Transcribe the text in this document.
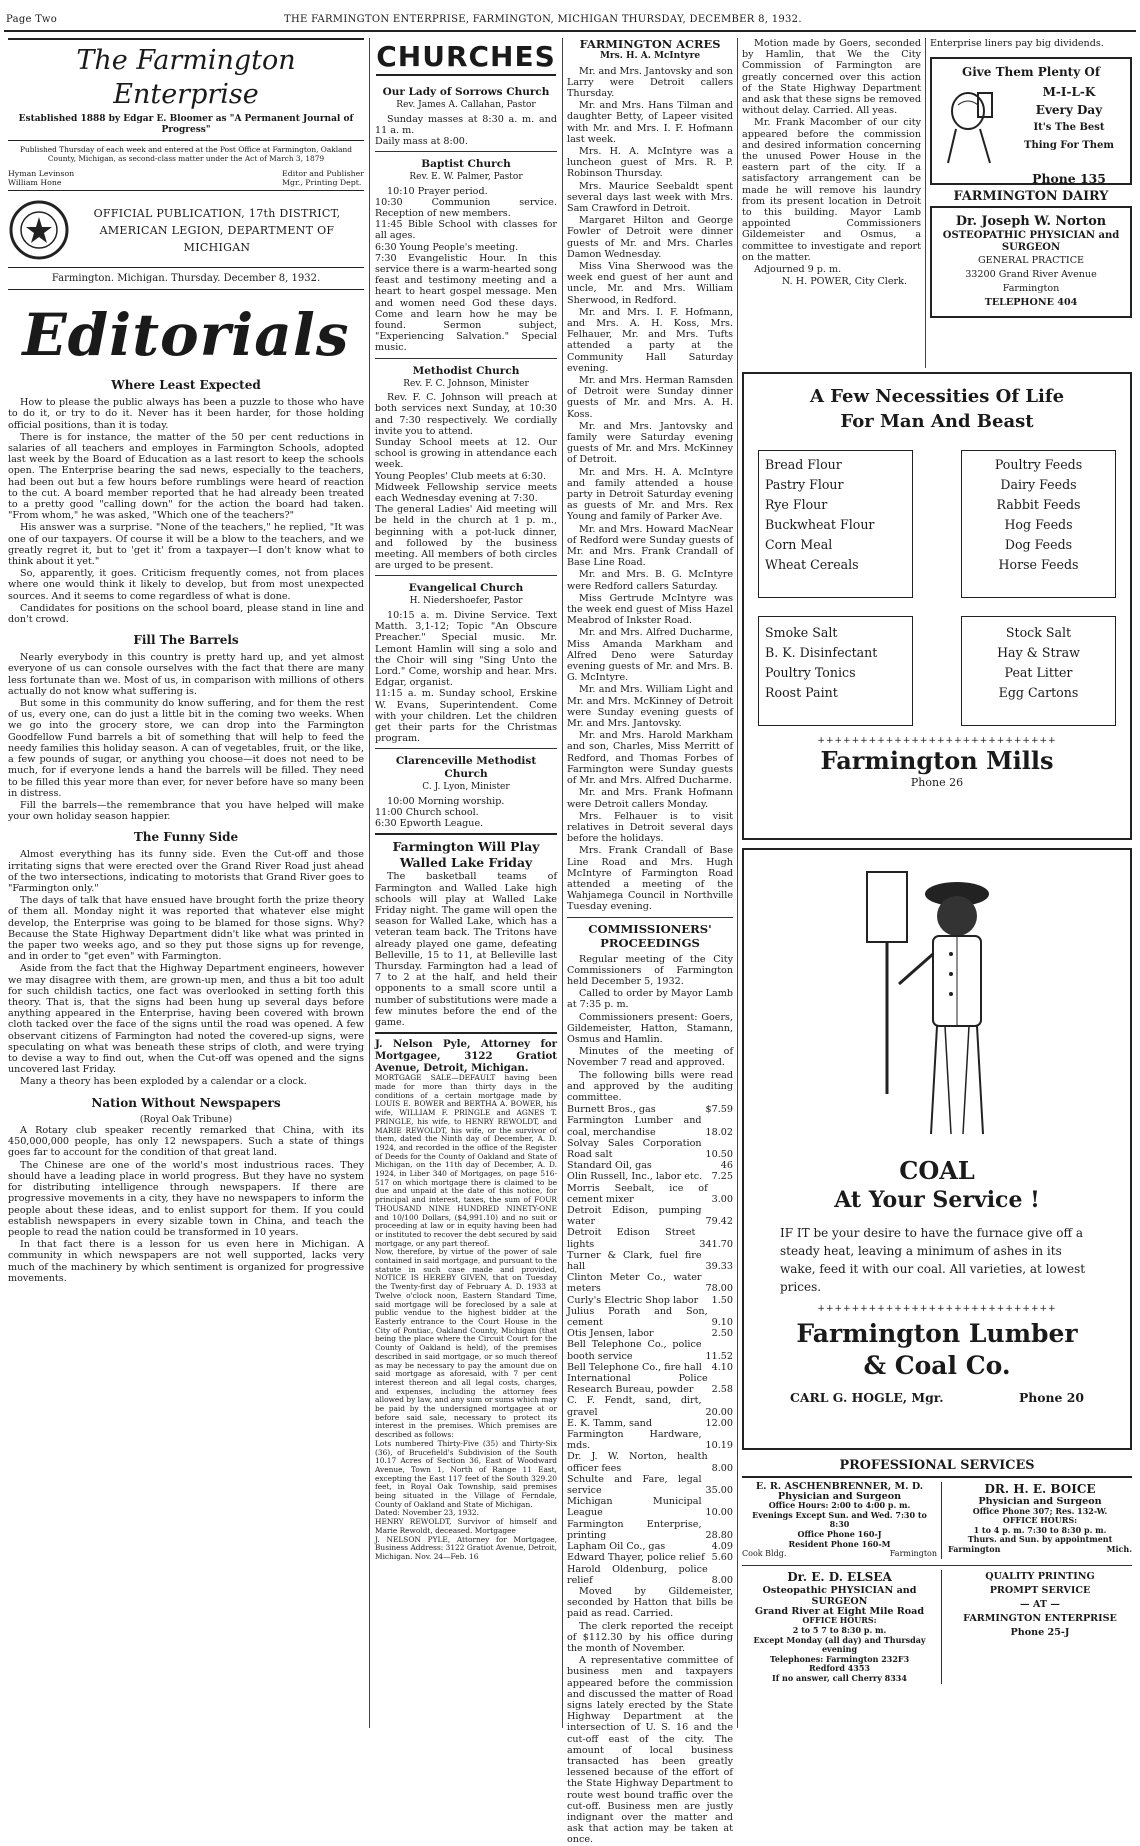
Page Two	THE FARMINGTON ENTERPRISE, FARMINGTON, MICHIGAN THURSDAY, DECEMBER 8, 1932.
The Farmington Enterprise
Established 1888 by Edgar E. Bloomer as "A Permanent Journal of Progress"
Published Thursday of each week and entered at the Post Office at Farmington, Oakland County, Michigan, as second-class matter under the Act of March 3, 1879
Hyman Levinson
William Hone
Editor and Publisher
Mgr., Printing Dept.
OFFICIAL PUBLICATION, 17th DISTRICT, AMERICAN LEGION, DEPARTMENT OF MICHIGAN
Farmington. Michigan. Thursday. December 8, 1932.
Editorials
Where Least Expected
How to please the public always has been a puzzle to those who have to do it, or try to do it. Never has it been harder, for those holding official positions, than it is today.
There is for instance, the matter of the 50 per cent reductions in salaries of all teachers and employes in Farmington Schools, adopted last week by the Board of Education as a last resort to keep the schools open. The Enterprise bearing the sad news, especially to the teachers, had been out but a few hours before rumblings were heard of reaction to the cut. A board member reported that he had already been treated to a pretty good "calling down" for the action the board had taken. "From whom," he was asked, "Which one of the teachers?"
His answer was a surprise. "None of the teachers," he replied, "It was one of our taxpayers. Of course it will be a blow to the teachers, and we greatly regret it, but to 'get it' from a taxpayer—I don't know what to think about it yet."
So, apparently, it goes. Criticism frequently comes, not from places where one would think it likely to develop, but from most unexpected sources. And it seems to come regardless of what is done.
Candidates for positions on the school board, please stand in line and don't crowd.
Fill The Barrels
Nearly everybody in this country is pretty hard up, and yet almost everyone of us can console ourselves with the fact that there are many less fortunate than we. Most of us, in comparison with millions of others actually do not know what suffering is.
But some in this community do know suffering, and for them the rest of us, every one, can do just a little bit in the coming two weeks. When we go into the grocery store, we can drop into the Farmington Goodfellow Fund barrels a bit of something that will help to feed the needy families this holiday season. A can of vegetables, fruit, or the like, a few pounds of sugar, or anything you choose—it does not need to be much, for if everyone lends a hand the barrels will be filled. They need to be filled this year more than ever, for never before have so many been in distress.
Fill the barrels—the remembrance that you have helped will make your own holiday season happier.
The Funny Side
Almost everything has its funny side. Even the Cut-off and those irritating signs that were erected over the Grand River Road just ahead of the two intersections, indicating to motorists that Grand River goes to "Farmington only."
The days of talk that have ensued have brought forth the prize theory of them all. Monday night it was reported that whatever else might develop, the Enterprise was going to be blamed for those signs. Why? Because the State Highway Department didn't like what was printed in the paper two weeks ago, and so they put those signs up for revenge, and in order to "get even" with Farmington.
Aside from the fact that the Highway Department engineers, however we may disagree with them, are grown-up men, and thus a bit too adult for such childish tactics, one fact was overlooked in setting forth this theory. That is, that the signs had been hung up several days before anything appeared in the Enterprise, having been covered with brown cloth tacked over the face of the signs until the road was opened. A few observant citizens of Farmington had noted the covered-up signs, were speculating on what was beneath these strips of cloth, and were trying to devise a way to find out, when the Cut-off was opened and the signs uncovered last Friday.
Many a theory has been exploded by a calendar or a clock.
Nation Without Newspapers
(Royal Oak Tribune)
A Rotary club speaker recently remarked that China, with its 450,000,000 people, has only 12 newspapers. Such a state of things goes far to account for the condition of that great land.
The Chinese are one of the world's most industrious races. They should have a leading place in world progress. But they have no system for distributing intelligence through newspapers. If there are progressive movements in a city, they have no newspapers to inform the people about these ideas, and to enlist support for them. If you could establish newspapers in every sizable town in China, and teach the people to read the nation could be transformed in 10 years.
In that fact there is a lesson for us even here in Michigan. A community in which newspapers are not well supported, lacks very much of the machinery by which sentiment is organized for progressive movements.
CHURCHES
Our Lady of Sorrows Church
Rev. James A. Callahan, Pastor
Sunday masses at 8:30 a. m. and 11 a. m.
Daily mass at 8:00.
Baptist Church
Rev. E. W. Palmer, Pastor
10:10 Prayer period.
10:30 Communion service. Reception of new members.
11:45 Bible School with classes for all ages.
6:30 Young People's meeting.
7:30 Evangelistic Hour. In this service there is a warm-hearted song feast and testimony meeting and a heart to heart gospel message. Men and women need God these days. Come and learn how he may be found. Sermon subject, "Experiencing Salvation." Special music.
Methodist Church
Rev. F. C. Johnson, Minister
Rev. F. C. Johnson will preach at both services next Sunday, at 10:30 and 7:30 respectively. We cordially invite you to attend.
Sunday School meets at 12. Our school is growing in attendance each week.
Young Peoples' Club meets at 6:30.
Midweek Fellowship service meets each Wednesday evening at 7:30.
The general Ladies' Aid meeting will be held in the church at 1 p. m., beginning with a pot-luck dinner, and followed by the business meeting. All members of both circles are urged to be present.
Evangelical Church
H. Niedershoefer, Pastor
10:15 a. m. Divine Service. Text Matth. 3,1-12; Topic "An Obscure Preacher." Special music. Mr. Lemont Hamlin will sing a solo and the Choir will sing "Sing Unto the Lord." Come, worship and hear. Mrs. Edgar, organist.
11:15 a. m. Sunday school, Erskine W. Evans, Superintendent. Come with your children. Let the children get their parts for the Christmas program.
Clarenceville Methodist Church
C. J. Lyon, Minister
10:00 Morning worship.
11:00 Church school.
6:30 Epworth League.
Farmington Will Play Walled Lake Friday
The basketball teams of Farmington and Walled Lake high schools will play at Walled Lake Friday night. The game will open the season for Walled Lake, which has a veteran team back. The Tritons have already played one game, defeating Belleville, 15 to 11, at Belleville last Thursday. Farmington had a lead of 7 to 2 at the half, and held their opponents to a small score until a number of substitutions were made a few minutes before the end of the game.
J. Nelson Pyle, Attorney for Mortgagee, 3122 Gratiot Avenue, Detroit, Michigan.
MORTGAGE SALE—DEFAULT having been made for more than thirty days in the conditions of a certain mortgage made by LOUIS E. BOWER and BERTHA A. BOWER, his wife, WILLIAM F. PRINGLE and AGNES T. PRINGLE, his wife, to HENRY REWOLDT, and MARIE REWOLDT, his wife, or the survivor of them, dated the Ninth day of December, A. D. 1924, and recorded in the office of the Register of Deeds for the County of Oakland and State of Michigan, on the 11th day of December, A. D. 1924, in Liber 340 of Mortgages, on page 516-517 on which mortgage there is claimed to be due and unpaid at the date of this notice, for principal and interest, taxes, the sum of FOUR THOUSAND NINE HUNDRED NINETY-ONE and 10/100 Dollars, ($4,991.10) and no suit or proceeding at law or in equity having been had or instituted to recover the debt secured by said mortgage, or any part thereof.
Now, therefore, by virtue of the power of sale contained in said mortgage, and pursuant to the statute in such case made and provided, NOTICE IS HEREBY GIVEN, that on Tuesday the Twenty-first day of February A. D. 1933 at Twelve o'clock noon, Eastern Standard Time, said mortgage will be foreclosed by a sale at public vendue to the highest bidder at the Easterly entrance to the Court House in the City of Pontiac, Oakland County, Michigan (that being the place where the Circuit Court for the County of Oakland is held), of the premises described in said mortgage, or so much thereof as may be necessary to pay the amount due on said mortgage as aforesaid, with 7 per cent interest thereon and all legal costs, charges, and expenses, including the attorney fees allowed by law, and any sum or sums which may be paid by the undersigned mortgagee at or before said sale, necessary to protect its interest in the premises. Which premises are described as follows:
Lots numbered Thirty-Five (35) and Thirty-Six (36), of Brucefield's Subdivision of the South 10.17 Acres of Section 36, East of Woodward Avenue, Town 1, North of Range 11 East, excepting the East 117 feet of the South 329.20 feet, in Royal Oak Township, said premises being situated in the Village of Ferndale, County of Oakland and State of Michigan.
Dated: November 23, 1932.
HENRY REWOLDT, Survivor of himself and Marie Rewoldt, deceased. Mortgagee
J. NELSON PYLE, Attorney for Mortgagee, Business Address: 3122 Gratiot Avenue, Detroit, Michigan. Nov. 24—Feb. 16
FARMINGTON ACRES
Mrs. H. A. McIntyre
Mr. and Mrs. Jantovsky and son Larry were Detroit callers Thursday.
Mr. and Mrs. Hans Tilman and daughter Betty, of Lapeer visited with Mr. and Mrs. I. F. Hofmann last week.
Mrs. H. A. McIntyre was a luncheon guest of Mrs. R. P. Robinson Thursday.
Mrs. Maurice Seebaldt spent several days last week with Mrs. Sam Crawford in Detroit.
Margaret Hilton and George Fowler of Detroit were dinner guests of Mr. and Mrs. Charles Damon Wednesday.
Miss Vina Sherwood was the week end guest of her aunt and uncle, Mr. and Mrs. William Sherwood, in Redford.
Mr. and Mrs. I. F. Hofmann, and Mrs. A. H. Koss, Mrs. Felhauer, Mr. and Mrs. Tufts attended a party at the Community Hall Saturday evening.
Mr. and Mrs. Herman Ramsden of Detroit were Sunday dinner guests of Mr. and Mrs. A. H. Koss.
Mr. and Mrs. Jantovsky and family were Saturday evening guests of Mr. and Mrs. McKinney of Detroit.
Mr. and Mrs. H. A. McIntyre and family attended a house party in Detroit Saturday evening as guests of Mr. and Mrs. Rex Young and family of Parker Ave.
Mr. and Mrs. Howard MacNear of Redford were Sunday guests of Mr. and Mrs. Frank Crandall of Base Line Road.
Mr. and Mrs. B. G. McIntyre were Redford callers Saturday.
Miss Gertrude McIntyre was the week end guest of Miss Hazel Meabrod of Inkster Road.
Mr. and Mrs. Alfred Ducharme, Miss Amanda Markham and Alfred Deno were Saturday evening guests of Mr. and Mrs. B. G. McIntyre.
Mr. and Mrs. William Light and Mr. and Mrs. McKinney of Detroit were Sunday evening guests of Mr. and Mrs. Jantovsky.
Mr. and Mrs. Harold Markham and son, Charles, Miss Merritt of Redford, and Thomas Forbes of Farmington were Sunday guests of Mr. and Mrs. Alfred Ducharme.
Mr. and Mrs. Frank Hofmann were Detroit callers Monday.
Mrs. Felhauer is to visit relatives in Detroit several days before the holidays.
Mrs. Frank Crandall of Base Line Road and Mrs. Hugh McIntyre of Farmington Road attended a meeting of the Wahjamega Council in Northville Tuesday evening.
COMMISSIONERS' PROCEEDINGS
Regular meeting of the City Commissioners of Farmington held December 5, 1932.
Called to order by Mayor Lamb at 7:35 p. m.
Commissioners present: Goers, Gildemeister, Hatton, Stamann, Osmus and Hamlin.
Minutes of the meeting of November 7 read and approved.
The following bills were read and approved by the auditing committee.
Burnett Bros., gas	$7.59
Farmington Lumber and coal, merchandise	18.02
Solvay Sales Corporation Road salt	10.50
Standard Oil, gas	46
Olin Russell, Inc., labor etc. 7.25
Morris Seebalt, ice of cement mixer	3.00
Detroit Edison, pumping water	79.42
Detroit Edison Street lights	341.70
Turner & Clark, fuel fire hall	39.33
Clinton Meter Co., water meters	78.00
Curly's Electric Shop labor 1.50
Julius Porath and Son, cement	9.10
Otis Jensen, labor	2.50
Bell Telephone Co., police booth service	11.52
Bell Telephone Co., fire hall 4.10
International Police Research Bureau, powder	2.58
C. F. Fendt, sand, dirt, gravel	20.00
E. K. Tamm, sand	12.00
Farmington Hardware, mds.	10.19
Dr. J. W. Norton, health officer fees	8.00
Schulte and Fare, legal service	35.00
Michigan Municipal League	10.00
Farmington Enterprise, printing	28.80
Lapham Oil Co., gas	4.09
Edward Thayer, police relief 5.60
Harold Oldenburg, police relief	8.00
Moved by Gildemeister, seconded by Hatton that bills be paid as read. Carried.
The clerk reported the receipt of $112.30 by his office during the month of November.
A representative committee of business men and taxpayers appeared before the commission and discussed the matter of Road signs lately erected by the State Highway Department at the intersection of U. S. 16 and the cut-off east of the city. The amount of local business transacted has been greatly lessened because of the effort of the State Highway Department to route west bound traffic over the cut-off. Business men are justly indignant over the matter and ask that action may be taken at once.
Motion made by Goers, seconded by Hamlin, that We the City Commission of Farmington are greatly concerned over this action of the State Highway Department and ask that these signs be removed without delay. Carried. All yeas.
Mr. Frank Macomber of our city appeared before the commission and desired information concerning the unused Power House in the eastern part of the city. If a satisfactory arrangement can be made he will remove his laundry from its present location in Detroit to this building. Mayor Lamb appointed Commissioners Gildemeister and Osmus, a committee to investigate and report on the matter.
Adjourned 9 p. m.
N. H. POWER, City Clerk.
Enterprise liners pay big dividends.
Give Them Plenty Of
M-I-L-K
Every Day
It's The Best
Thing For Them
Phone 135
FARMINGTON DAIRY
Dr. Joseph W. Norton
OSTEOPATHIC PHYSICIAN and SURGEON
GENERAL PRACTICE
33200 Grand River Avenue
Farmington
TELEPHONE 404
A Few Necessities Of Life
For Man And Beast
Bread Flour
Pastry Flour
Rye Flour
Buckwheat Flour
Corn Meal
Wheat Cereals
Poultry Feeds
Dairy Feeds
Rabbit Feeds
Hog Feeds
Dog Feeds
Horse Feeds
Smoke Salt
B. K. Disinfectant
Poultry Tonics
Roost Paint
Stock Salt
Hay & Straw
Peat Litter
Egg Cartons
++++++++++++++++++++++++++++
Farmington Mills
Phone 26
COAL
At Your Service !
IF IT be your desire to have the furnace give off a steady heat, leaving a minimum of ashes in its wake, feed it with our coal. All varieties, at lowest prices.
++++++++++++++++++++++++++++
Farmington Lumber
& Coal Co.
CARL G. HOGLE, Mgr.	Phone 20
PROFESSIONAL SERVICES
E. R. ASCHENBRENNER, M. D.
Physician and Surgeon
Office Hours: 2:00 to 4:00 p. m.
Evenings Except Sun. and Wed. 7:30 to 8:30
Office Phone 160-J
Resident Phone 160-M
Cook Bldg.	Farmington
DR. H. E. BOICE
Physician and Surgeon
Office Phone 307; Res. 132-W.
OFFICE HOURS:
1 to 4 p. m. 7:30 to 8:30 p. m.
Thurs. and Sun. by appointment
Farmington	Mich.
Dr. E. D. ELSEA
Osteopathic PHYSICIAN and SURGEON
Grand River at Eight Mile Road
OFFICE HOURS:
2 to 5 7 to 8:30 p. m.
Except Monday (all day) and Thursday evening
Telephones: Farmington 232F3
Redford 4353
If no answer, call Cherry 8334
QUALITY PRINTING
PROMPT SERVICE
— AT —
FARMINGTON ENTERPRISE
Phone 25-J
